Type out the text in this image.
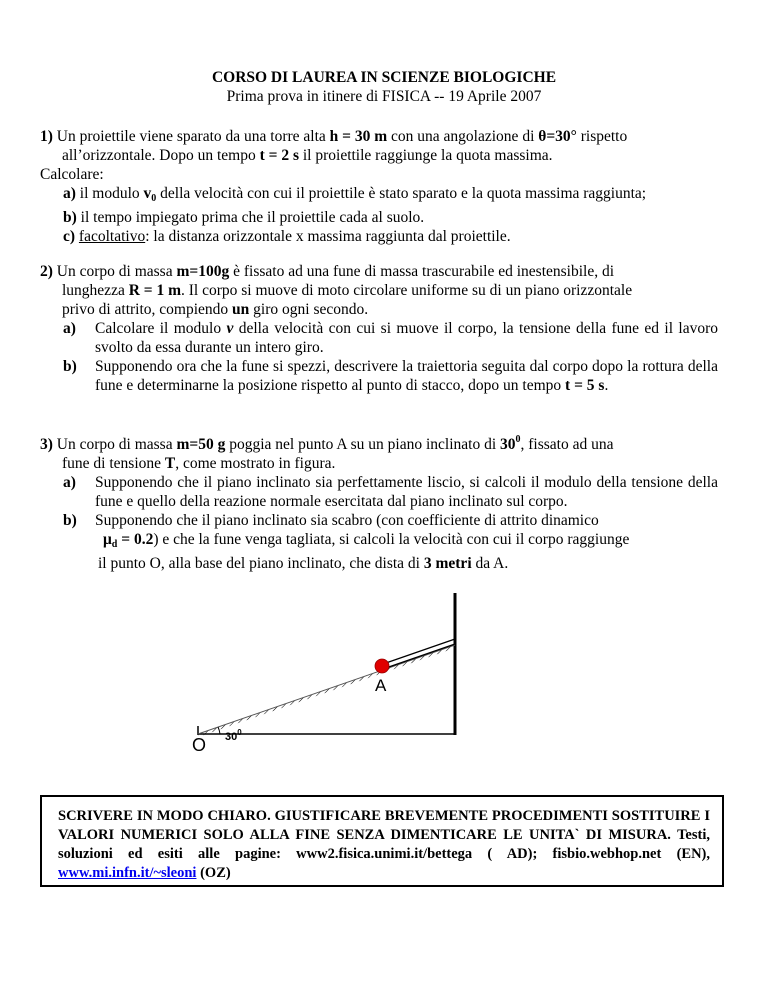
CORSO DI LAUREA IN SCIENZE BIOLOGICHE
Prima prova in itinere di FISICA -- 19 Aprile 2007
1) Un proiettile viene sparato da una torre alta h = 30 m con una angolazione di θ=30° rispetto
all’orizzontale. Dopo un tempo t = 2 s il proiettile raggiunge la quota massima.
Calcolare:
a) il modulo $v_0$ della velocità con cui il proiettile è stato sparato e la quota massima raggiunta;
b) il tempo impiegato prima che il proiettile cada al suolo.
c) facoltativo: la distanza orizzontale x massima raggiunta dal proiettile.
2) Un corpo di massa m=100g è fissato ad una fune di massa trascurabile ed inestensibile, di
lunghezza R = 1 m. Il corpo si muove di moto circolare uniforme su di un piano orizzontale
privo di attrito, compiendo un giro ogni secondo.
a) Calcolare il modulo v della velocità con cui si muove il corpo, la tensione della fune ed il lavoro svolto da essa durante un intero giro.
b) Supponendo ora che la fune si spezzi, descrivere la traiettoria seguita dal corpo dopo la rottura della fune e determinarne la posizione rispetto al punto di stacco, dopo un tempo t = 5 s.
3) Un corpo di massa m=50 g poggia nel punto A su un piano inclinato di $30^0$, fissato ad una
fune di tensione T, come mostrato in figura.
a) Supponendo che il piano inclinato sia perfettamente liscio, si calcoli il modulo della tensione della fune e quello della reazione normale esercitata dal piano inclinato sul corpo.
b) Supponendo che il piano inclinato sia scabro (con coefficiente di attrito dinamico
$\mu_d = 0.2$) e che la fune venga tagliata, si calcoli la velocità con cui il corpo raggiunge
il punto O, alla base del piano inclinato, che dista di 3 metri da A.
A
O $30^0$
SCRIVERE IN MODO CHIARO. GIUSTIFICARE BREVEMENTE PROCEDIMENTI SOSTITUIRE I VALORI NUMERICI SOLO ALLA FINE SENZA DIMENTICARE LE UNITA` DI MISURA. Testi, soluzioni ed esiti alle pagine: www2.fisica.unimi.it/bettega ( AD); fisbio.webhop.net (EN), www.mi.infn.it/~sleoni (OZ)
